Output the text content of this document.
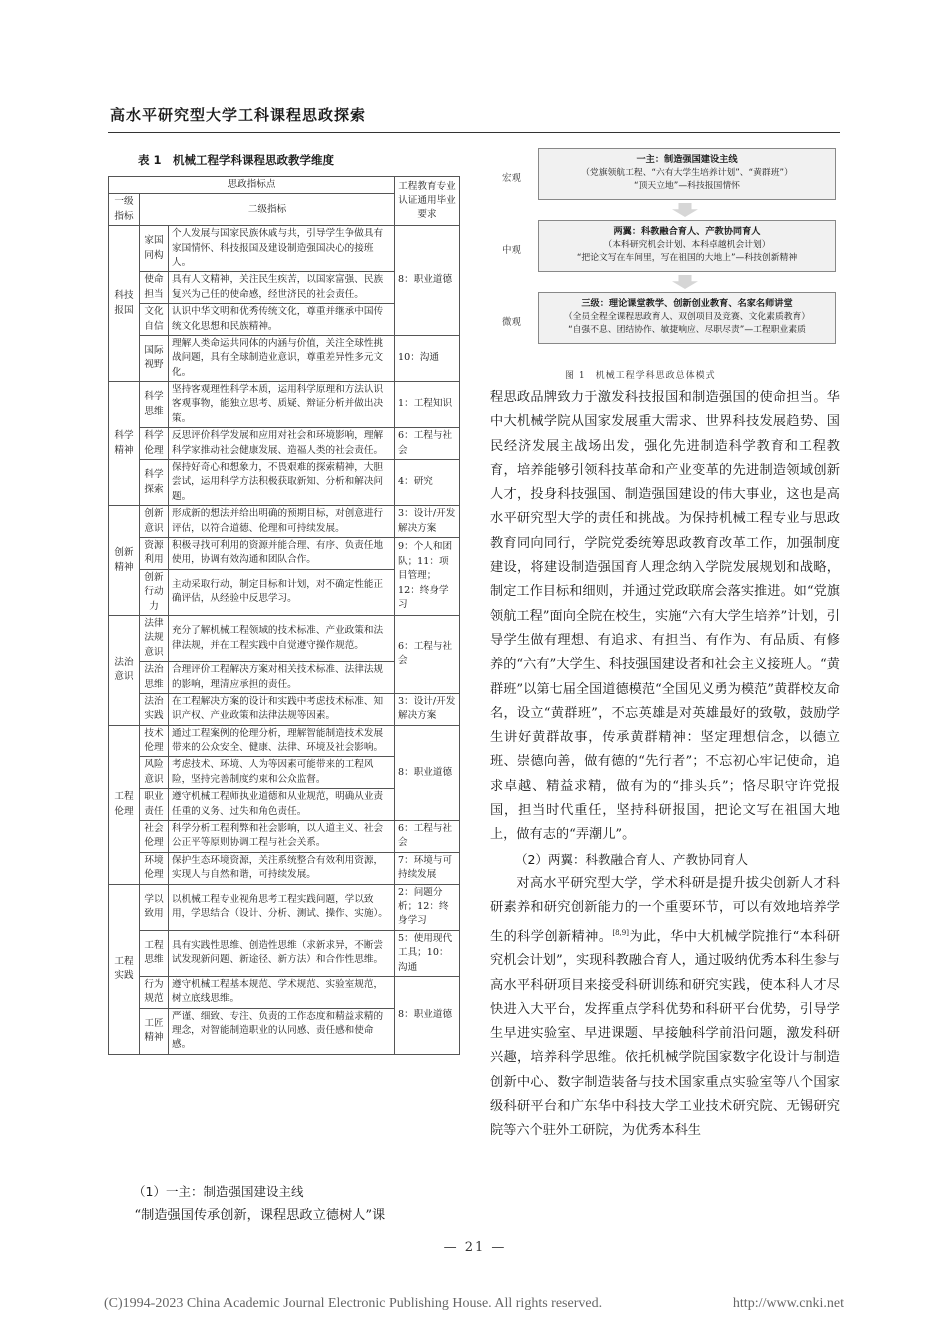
高水平研究型大学工科课程思政探索
表 1　机械工程学科课程思政教学维度
思政指标点			工程教育专业认证通用毕业要求
一级指标	二级指标		
科技报国	家国同构	个人发展与国家民族休戚与共，引导学生争做具有家国情怀、科技报国及建设制造强国决心的接班人。	8：职业道德
	使命担当	具有人文精神，关注民生疾苦，以国家富强、民族复兴为己任的使命感，经世济民的社会责任。	
	文化自信	认识中华文明和优秀传统文化，尊重并继承中国传统文化思想和民族精神。	
	国际视野	理解人类命运共同体的内涵与价值，关注全球性挑战问题，具有全球制造业意识，尊重差异性多元文化。	10：沟通
科学精神	科学思维	坚持客观理性科学本质，运用科学原理和方法认识客观事物，能独立思考、质疑、辩证分析并做出决策。	1：工程知识
	科学伦理	反思评价科学发展和应用对社会和环境影响，理解科学家推动社会健康发展、造福人类的社会责任。	6：工程与社会
	科学探索	保持好奇心和想象力，不畏艰难的探索精神，大胆尝试，运用科学方法积极获取新知、分析和解决问题。	4：研究
创新精神	创新意识	形成新的想法并给出明确的预期目标，对创意进行评估，以符合道德、伦理和可持续发展。	3：设计/开发解决方案
	资源利用	积极寻找可利用的资源并能合理、有序、负责任地使用，协调有效沟通和团队合作。	9：个人和团队；11：项目管理；12：终身学习
	创新行动力	主动采取行动，制定目标和计划，对不确定性能正确评估，从经验中反思学习。	
法治意识	法律法规意识	充分了解机械工程领域的技术标准、产业政策和法律法规，并在工程实践中自觉遵守操作规范。	6：工程与社会
	法治思维	合理评价工程解决方案对相关技术标准、法律法规的影响，理清应承担的责任。	
	法治实践	在工程解决方案的设计和实践中考虑技术标准、知识产权、产业政策和法律法规等因素。	3：设计/开发解决方案
工程伦理	技术伦理	通过工程案例的伦理分析，理解智能制造技术发展带来的公众安全、健康、法律、环境及社会影响。	8：职业道德
	风险意识	考虑技术、环境、人为等因素可能带来的工程风险，坚持完善制度约束和公众监督。	
	职业责任	遵守机械工程师执业道德和从业规范，明确从业责任重的义务、过失和角色责任。	
	社会伦理	科学分析工程利弊和社会影响，以人道主义、社会公正平等原则协调工程与社会关系。	6：工程与社会
	环境伦理	保护生态环境资源，关注系统整合有效利用资源，实现人与自然和谐，可持续发展。	7：环境与可持续发展
工程实践	学以致用	以机械工程专业视角思考工程实践问题，学以致用，学思结合（设计、分析、测试、操作、实施）。	2：问题分析；12：终身学习
	工程思维	具有实践性思维、创造性思维（求新求异，不断尝试发现新问题、新途径、新方法）和合作性思维。	5：使用现代工具；10：沟通
	行为规范	遵守机械工程基本规范、学术规范、实验室规范，树立底线思维。	8：职业道德
	工匠精神	严谨、细致、专注、负责的工作态度和精益求精的理念，对智能制造职业的认同感、责任感和使命感。	
宏观
一主：制造强国建设主线
（党旗领航工程、“六有大学生培养计划”、“黄群班”）
“顶天立地”—科技报国情怀
中观
两翼：科教融合育人、产教协同育人
（本科研究机会计划、本科卓越机会计划）
“把论文写在车间里，写在祖国的大地上”—科技创新精神
微观
三级：理论课堂教学、创新创业教育、名家名师讲堂
（全员全程全课程思政育人、双创项目及竞赛、文化素质教育）
“自强不息、团结协作、敏捷响应、尽职尽责”—工程职业素质
图 1　机械工程学科思政总体模式

程思政品牌致力于激发科技报国和制造强国的使命担当。华中大机械学院从国家发展重大需求、世界科技发展趋势、国民经济发展主战场出发，强化先进制造科学教育和工程教育，培养能够引领科技革命和产业变革的先进制造领域创新人才，投身科技强国、制造强国建设的伟大事业，这也是高水平研究型大学的责任和挑战。为保持机械工程专业与思政教育同向同行，学院党委统筹思政教育改革工作，加强制度建设，将建设制造强国育人理念纳入学院发展规划和战略，制定工作目标和细则，并通过党政联席会落实推进。如“党旗领航工程”面向全院在校生，实施“六有大学生培养”计划，引导学生做有理想、有追求、有担当、有作为、有品质、有修养的“六有”大学生、科技强国建设者和社会主义接班人。“黄群班”以第七届全国道德模范“全国见义勇为模范”黄群校友命名，设立“黄群班”，不忘英雄是对英雄最好的致敬，鼓励学生讲好黄群故事，传承黄群精神：坚定理想信念，以德立班、崇德向善，做有德的“先行者”；不忘初心牢记使命，追求卓越、精益求精，做有为的“排头兵”；恪尽职守许党报国，担当时代重任，坚持科研报国，把论文写在祖国大地上，做有志的“弄潮儿”。

（2）两翼：科教融合育人、产教协同育人

对高水平研究型大学，学术科研是提升拔尖创新人才科研素养和研究创新能力的一个重要环节，可以有效地培养学生的科学创新精神。[8,9]为此，华中大机械学院推行“本科研究机会计划”，实现科教融合育人，通过吸纳优秀本科生参与高水平科研项目来接受科研训练和研究实践，使本科人才尽快进入大平台，发挥重点学科优势和科研平台优势，引导学生早进实验室、早进课题、早接触科学前沿问题，激发科研兴趣，培养科学思维。依托机械学院国家数字化设计与制造创新中心、数字制造装备与技术国家重点实验室等八个国家级科研平台和广东华中科技大学工业技术研究院、无锡研究院等六个驻外工研院，为优秀本科生

（1）一主：制造强国建设主线

“制造强国传承创新，课程思政立德树人”课

— 21 —
(C)1994-2023 China Academic Journal Electronic Publishing House. All rights reserved.	http://www.cnki.net
